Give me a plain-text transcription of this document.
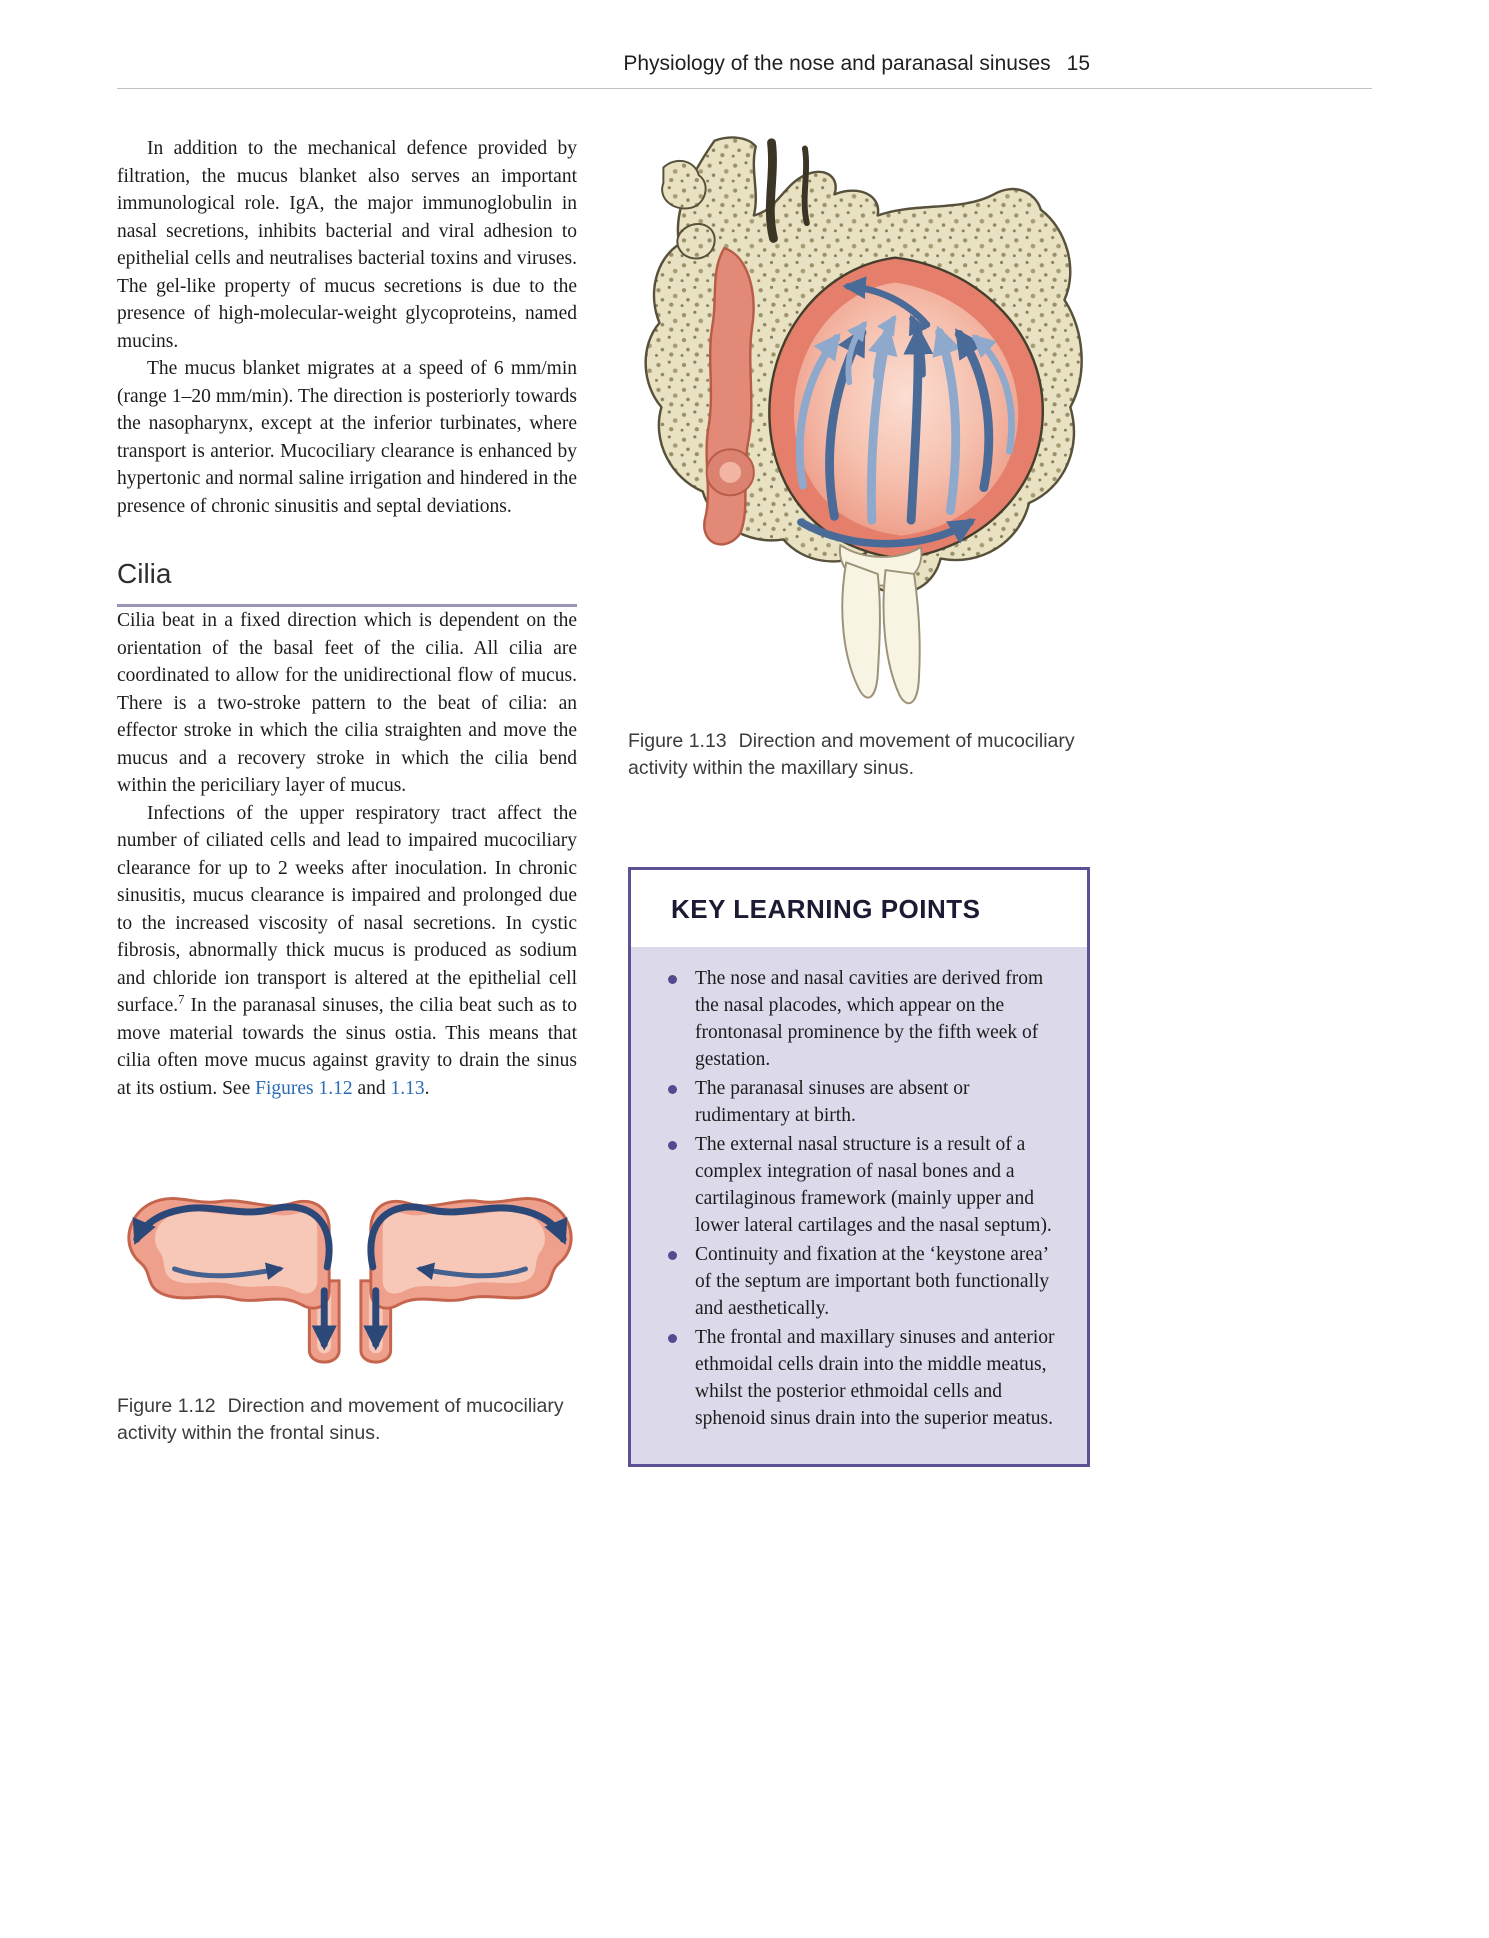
Physiology of the nose and paranasal sinuses 15

In addition to the mechanical defence provided by filtration, the mucus blanket also serves an important immunological role. IgA, the major immunoglobulin in nasal secretions, inhibits bacterial and viral adhesion to epithelial cells and neutralises bacterial toxins and viruses. The gel-like property of mucus secretions is due to the presence of high-molecular-weight glycoproteins, named mucins.

The mucus blanket migrates at a speed of 6 mm/min (range 1–20 mm/min). The direction is posteriorly towards the nasopharynx, except at the inferior turbinates, where transport is anterior. Mucociliary clearance is enhanced by hypertonic and normal saline irrigation and hindered in the presence of chronic sinusitis and septal deviations.

Cilia

Cilia beat in a fixed direction which is dependent on the orientation of the basal feet of the cilia. All cilia are coordinated to allow for the unidirectional flow of mucus. There is a two-stroke pattern to the beat of cilia: an effector stroke in which the cilia straighten and move the mucus and a recovery stroke in which the cilia bend within the periciliary layer of mucus.

Infections of the upper respiratory tract affect the number of ciliated cells and lead to impaired mucociliary clearance for up to 2 weeks after inoculation. In chronic sinusitis, mucus clearance is impaired and prolonged due to the increased viscosity of nasal secretions. In cystic fibrosis, abnormally thick mucus is produced as sodium and chloride ion transport is altered at the epithelial cell surface.$^7$ In the paranasal sinuses, the cilia beat such as to move material towards the sinus ostia. This means that cilia often move mucus against gravity to drain the sinus at its ostium. See Figures 1.12 and 1.13.

Figure 1.12 Direction and movement of mucociliary activity within the frontal sinus.

Figure 1.13 Direction and movement of mucociliary activity within the maxillary sinus.

KEY LEARNING POINTS
The nose and nasal cavities are derived from the nasal placodes, which appear on the frontonasal prominence by the fifth week of gestation.
The paranasal sinuses are absent or rudimentary at birth.
The external nasal structure is a result of a complex integration of nasal bones and a cartilaginous framework (mainly upper and lower lateral cartilages and the nasal septum).
Continuity and fixation at the ‘keystone area’ of the septum are important both functionally and aesthetically.
The frontal and maxillary sinuses and anterior ethmoidal cells drain into the middle meatus, whilst the posterior ethmoidal cells and sphenoid sinus drain into the superior meatus.
